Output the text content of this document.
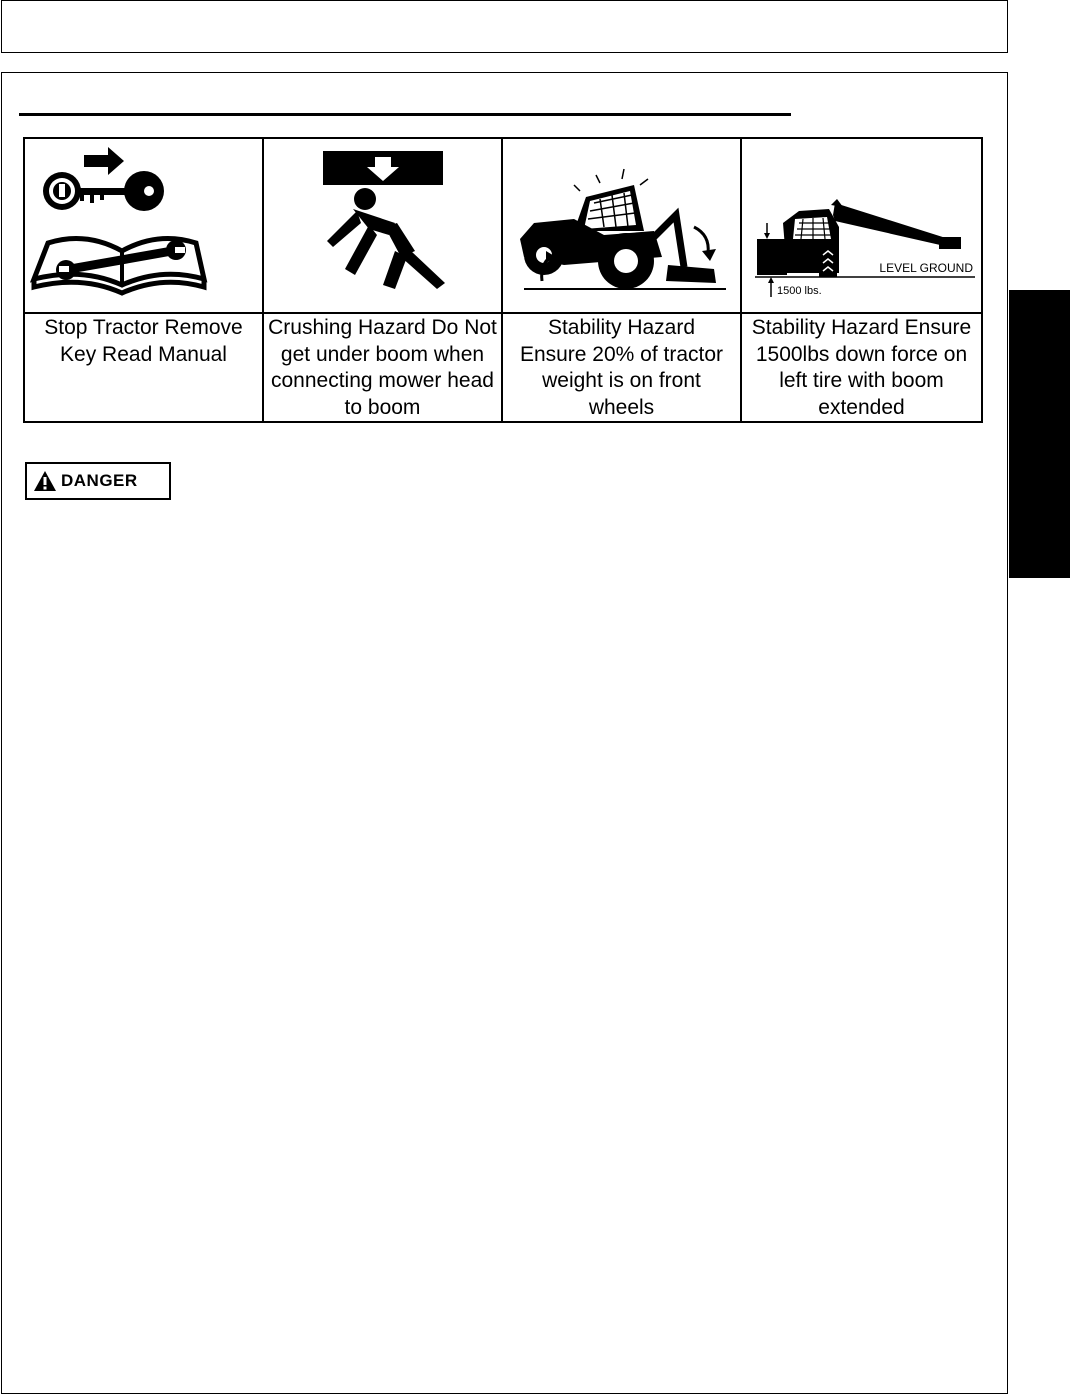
LEVEL GROUND
1500 lbs.

Stop Tractor Remove Key Read Manual	Crushing Hazard Do Not get under boom when connecting mower head to boom	Stability Hazard Ensure 20% of tractor weight is on front wheels	Stability Hazard Ensure 1500lbs down force on left tire with boom extended
DANGER
